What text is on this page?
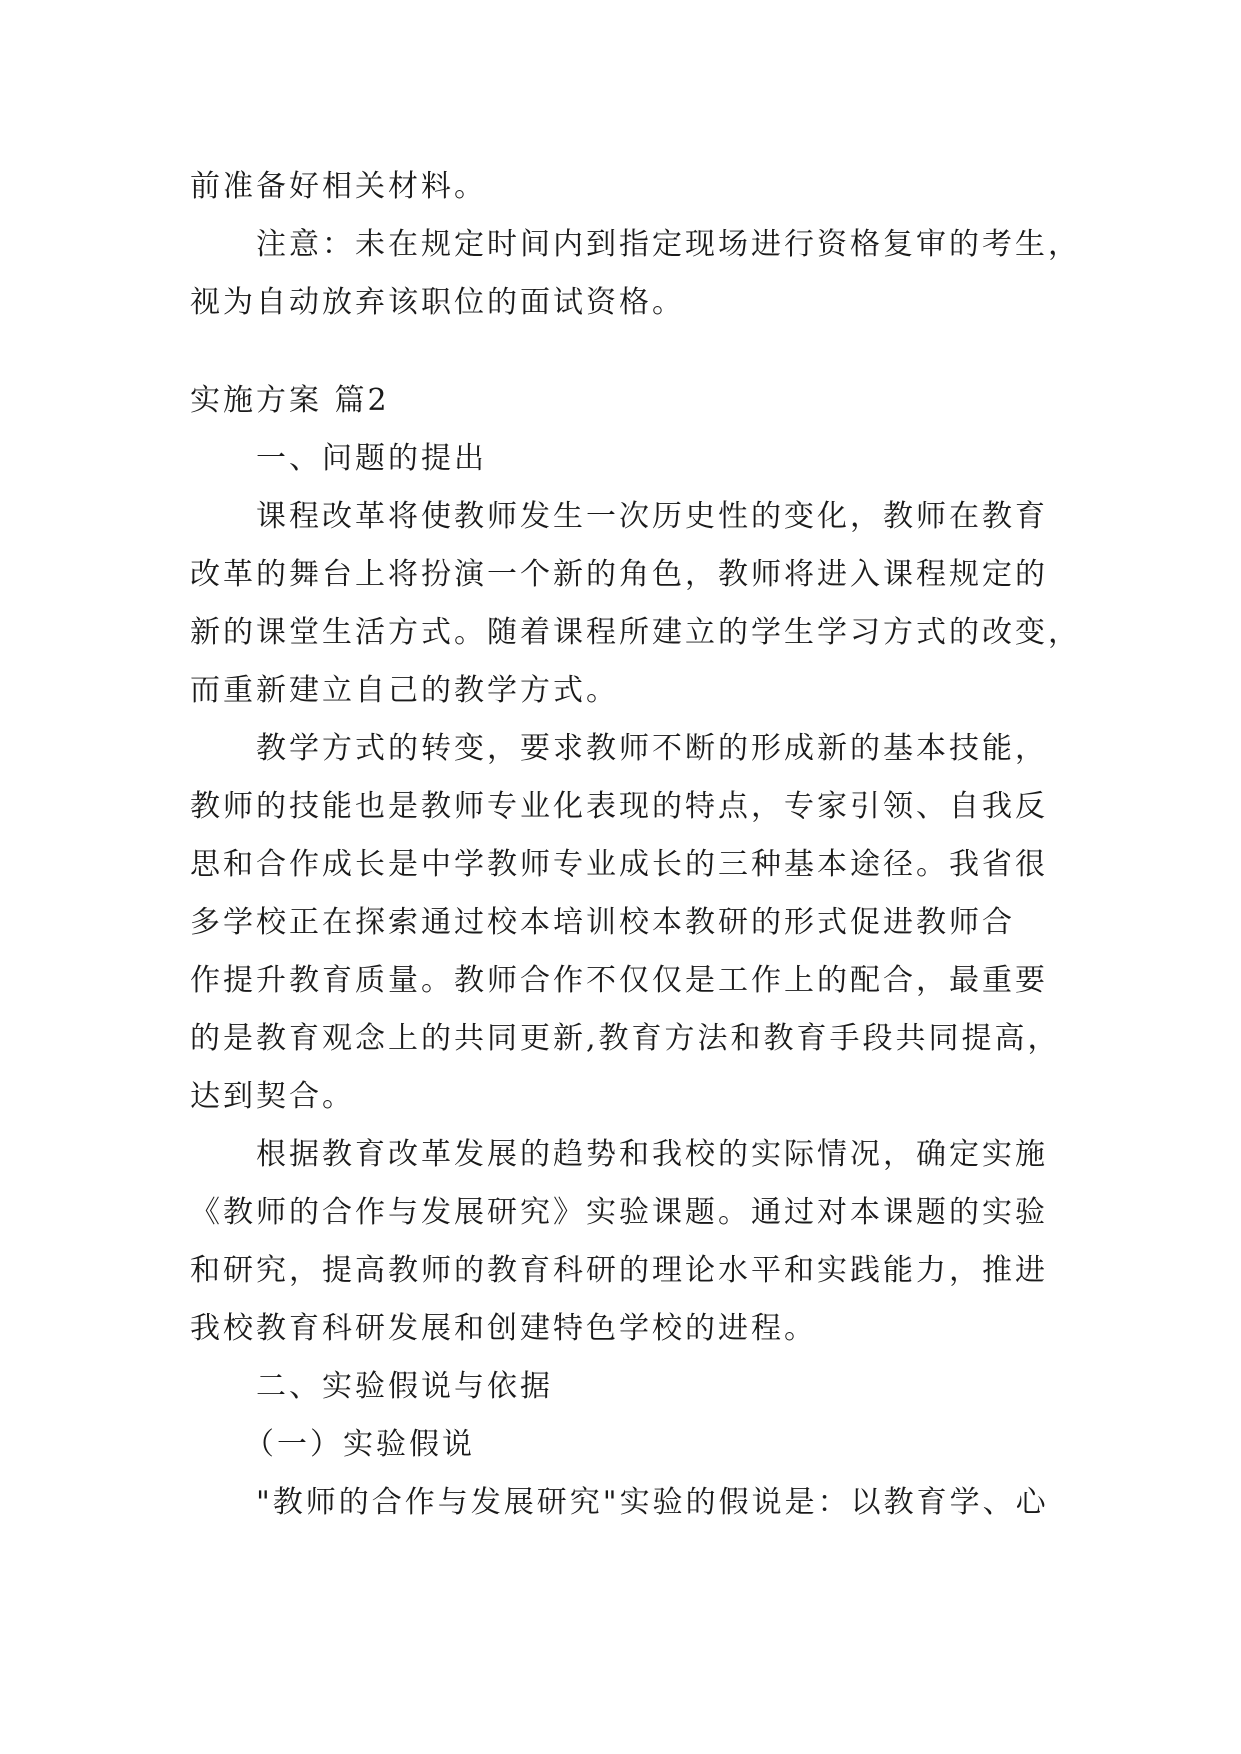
前准备好相关材料。
注意：未在规定时间内到指定现场进行资格复审的考生，
视为自动放弃该职位的面试资格。
实施方案 篇2
一、问题的提出
课程改革将使教师发生一次历史性的变化，教师在教育
改革的舞台上将扮演一个新的角色，教师将进入课程规定的
新的课堂生活方式。随着课程所建立的学生学习方式的改变，
而重新建立自己的教学方式。
教学方式的转变，要求教师不断的形成新的基本技能，
教师的技能也是教师专业化表现的特点，专家引领、自我反
思和合作成长是中学教师专业成长的三种基本途径。我省很
多学校正在探索通过校本培训校本教研的形式促进教师合
作提升教育质量。教师合作不仅仅是工作上的配合，最重要
的是教育观念上的共同更新,教育方法和教育手段共同提高，
达到契合。
根据教育改革发展的趋势和我校的实际情况，确定实施
《教师的合作与发展研究》实验课题。通过对本课题的实验
和研究，提高教师的教育科研的理论水平和实践能力，推进
我校教育科研发展和创建特色学校的进程。
二、实验假说与依据
（一）实验假说
"教师的合作与发展研究"实验的假说是：以教育学、心
